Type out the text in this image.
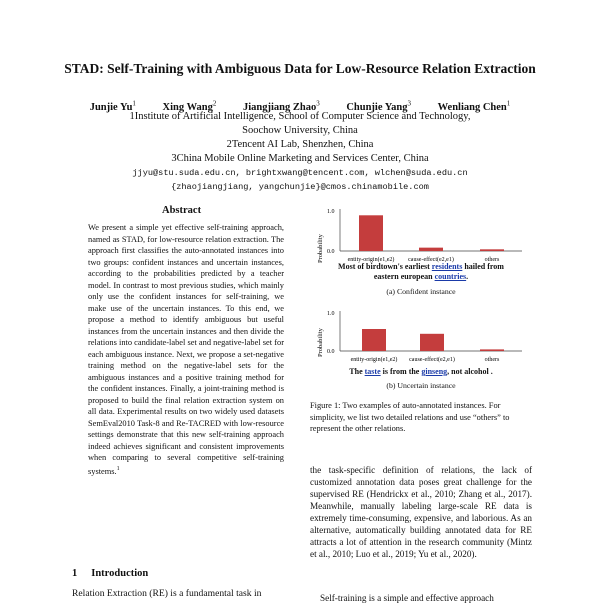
STAD: Self-Training with Ambiguous Data for Low-Resource Relation Extraction
Junjie Yu$^1$	Xing Wang$^2$	Jiangjiang Zhao$^3$	Chunjie Yang$^3$	Wenliang Chen$^1$
1Institute of Artificial Intelligence, School of Computer Science and Technology,
Soochow University, China
2Tencent AI Lab, Shenzhen, China
3China Mobile Online Marketing and Services Center, China
jjyu@stu.suda.edu.cn, brightxwang@tencent.com, wlchen@suda.edu.cn
{zhaojiangjiang, yangchunjie}@cmos.chinamobile.com
Abstract
We present a simple yet effective self-training approach, named as STAD, for low-resource relation extraction. The approach first classifies the auto-annotated instances into two groups: confident instances and uncertain instances, according to the probabilities predicted by a teacher model. In contrast to most previous studies, which mainly only use the confident instances for self-training, we make use of the uncertain instances. To this end, we propose a method to identify ambiguous but useful instances from the uncertain instances and then divide the relations into candidate-label set and negative-label set for each ambiguous instance. Next, we propose a set-negative training method on the negative-label sets for the ambiguous instances and a positive training method for the confident instances. Finally, a joint-training method is proposed to build the final relation extraction system on all data. Experimental results on two widely used datasets SemEval2010 Task-8 and Re-TACRED with low-resource settings demonstrate that this new self-training approach indeed achieves significant and consistent improvements when comparing to several competitive self-training systems.$^1$
1 Introduction
Relation Extraction (RE) is a fundamental task in
Probability
1.0
0.0
entity-origin(e1,e2) cause-effect(e2,e1)	others
Most of birdtown's earliest residents hailed from
eastern european countries.
(a) Confident instance
Probability
1.0
0.0
entity-origin(e1,e2) cause-effect(e2,e1)	others
The taste is from the ginseng, not alcohol .
(b) Uncertain instance
Figure 1: Two examples of auto-annotated instances. For simplicity, we list two detailed relations and use “others” to represent the other relations.
the task-specific definition of relations, the lack of customized annotation data poses great challenge for the supervised RE (Hendrickx et al., 2010; Zhang et al., 2017). Meanwhile, manually labeling large-scale RE data is extremely time-consuming, expensive, and laborious. As an alternative, automatically building annotated data for RE attracts a lot of attention in the research community (Mintz et al., 2010; Luo et al., 2019; Yu et al., 2020).
Self-training is a simple and effective approach
